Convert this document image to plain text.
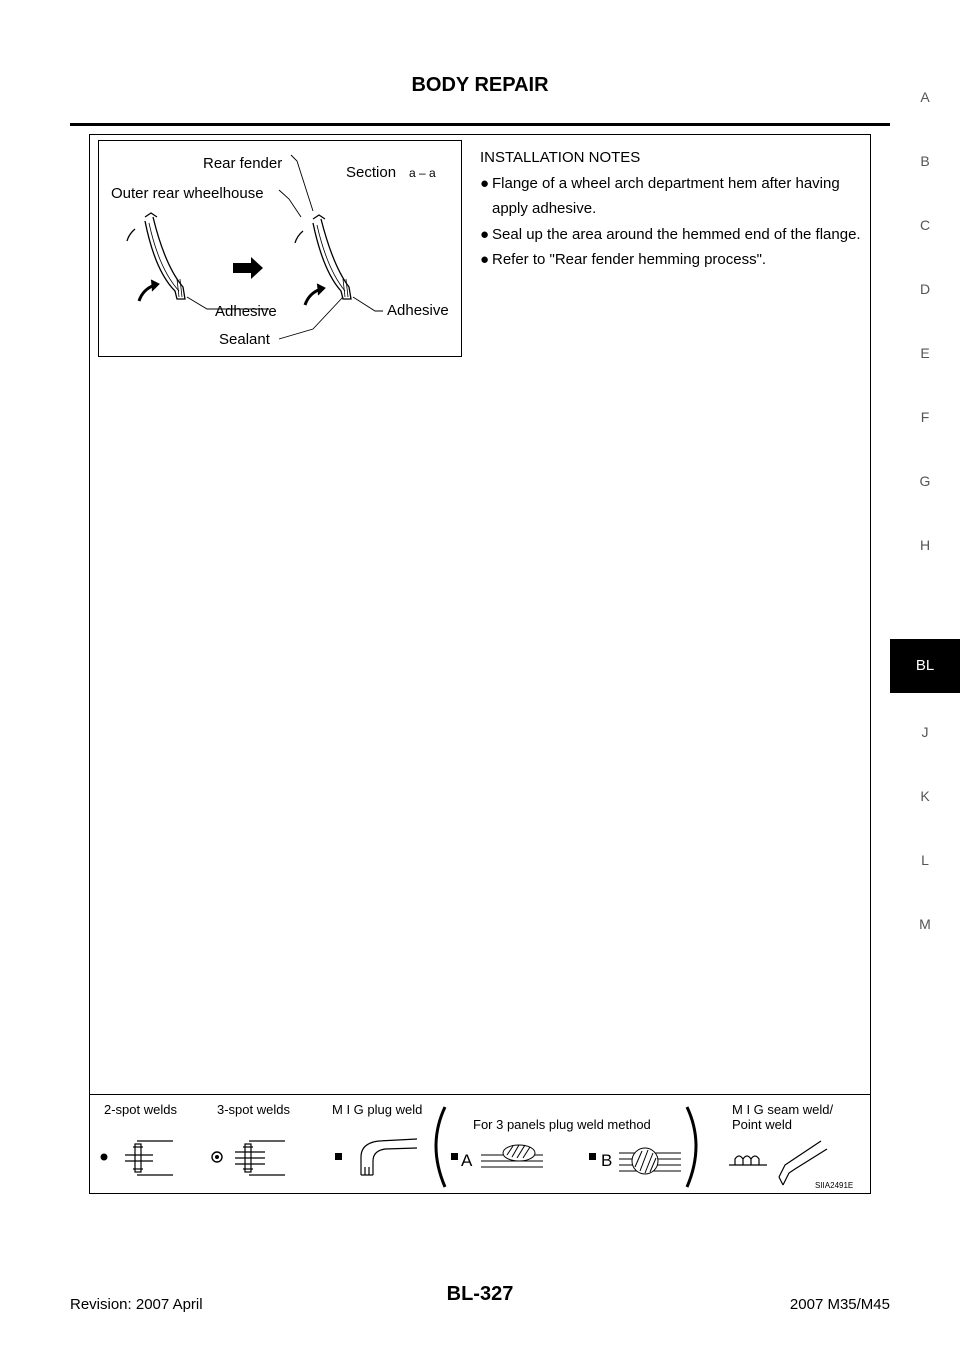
BODY REPAIR
A
B
C
D
E
F
G
H
BL
J
K
L
M
Rear fender
Section a – a
Outer rear wheelhouse
Adhesive	Adhesive
Sealant
INSTALLATION NOTES
● Flange of a wheel arch department hem after having apply adhesive.
● Seal up the area around the hemmed end of the flange.
● Refer to "Rear fender hemming process".
2-spot welds	3-spot welds	M I G plug weld
For 3 panels plug weld method
M I G seam weld/
Point weld
A	B
SIIA2491E
Revision: 2007 April	BL-327	2007 M35/M45
